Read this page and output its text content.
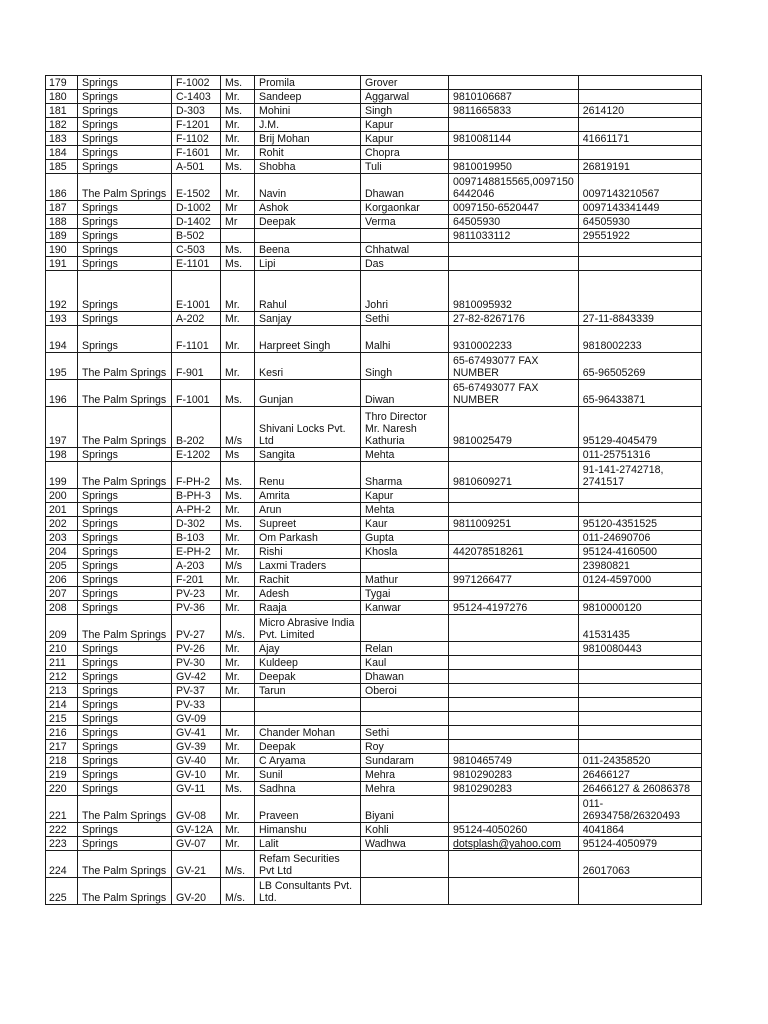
179	Springs	F-1002	Ms.	Promila	Grover		
180	Springs	C-1403	Mr.	Sandeep	Aggarwal	9810106687	
181	Springs	D-303	Ms.	Mohini	Singh	9811665833	2614120
182	Springs	F-1201	Mr.	J.M.	Kapur		
183	Springs	F-1102	Mr.	Brij Mohan	Kapur	9810081144	41661171
184	Springs	F-1601	Mr.	Rohit	Chopra		
185	Springs	A-501	Ms.	Shobha	Tuli	9810019950	26819191
186	The Palm Springs	E-1502	Mr.	Navin	Dhawan	0097148815565,0097150 6442046	0097143210567
187	Springs	D-1002	Mr	Ashok	Korgaonkar	0097150-6520447	0097143341449
188	Springs	D-1402	Mr	Deepak	Verma	64505930	64505930
189	Springs	B-502				9811033112	29551922
190	Springs	C-503	Ms.	Beena	Chhatwal		
191	Springs	E-1101	Ms.	Lipi	Das		
192	Springs	E-1001	Mr.	Rahul	Johri	9810095932	
193	Springs	A-202	Mr.	Sanjay	Sethi	27-82-8267176	27-11-8843339
194	Springs	F-1101	Mr.	Harpreet Singh	Malhi	9310002233	9818002233
195	The Palm Springs	F-901	Mr.	Kesri	Singh	65-67493077 FAX NUMBER	65-96505269
196	The Palm Springs	F-1001	Ms.	Gunjan	Diwan	65-67493077 FAX NUMBER	65-96433871
197	The Palm Springs	B-202	M/s	Shivani Locks Pvt. Ltd	Thro Director Mr. Naresh Kathuria	9810025479	95129-4045479
198	Springs	E-1202	Ms	Sangita	Mehta		011-25751316
199	The Palm Springs	F-PH-2	Ms.	Renu	Sharma	9810609271	91-141-2742718, 2741517
200	Springs	B-PH-3	Ms.	Amrita	Kapur		
201	Springs	A-PH-2	Mr.	Arun	Mehta		
202	Springs	D-302	Ms.	Supreet	Kaur	9811009251	95120-4351525
203	Springs	B-103	Mr.	Om Parkash	Gupta		011-24690706
204	Springs	E-PH-2	Mr.	Rishi	Khosla	442078518261	95124-4160500
205	Springs	A-203	M/s	Laxmi Traders			23980821
206	Springs	F-201	Mr.	Rachit	Mathur	9971266477	0124-4597000
207	Springs	PV-23	Mr.	Adesh	Tygai		
208	Springs	PV-36	Mr.	Raaja	Kanwar	95124-4197276	9810000120
209	The Palm Springs	PV-27	M/s.	Micro Abrasive India Pvt. Limited			41531435
210	Springs	PV-26	Mr.	Ajay	Relan		9810080443
211	Springs	PV-30	Mr.	Kuldeep	Kaul		
212	Springs	GV-42	Mr.	Deepak	Dhawan		
213	Springs	PV-37	Mr.	Tarun	Oberoi		
214	Springs	PV-33					
215	Springs	GV-09					
216	Springs	GV-41	Mr.	Chander Mohan	Sethi		
217	Springs	GV-39	Mr.	Deepak	Roy		
218	Springs	GV-40	Mr.	C Aryama	Sundaram	9810465749	011-24358520
219	Springs	GV-10	Mr.	Sunil	Mehra	9810290283	26466127
220	Springs	GV-11	Ms.	Sadhna	Mehra	9810290283	26466127 & 26086378
221	The Palm Springs	GV-08	Mr.	Praveen	Biyani		011- 26934758/26320493
222	Springs	GV-12A	Mr.	Himanshu	Kohli	95124-4050260	4041864
223	Springs	GV-07	Mr.	Lalit	Wadhwa	dotsplash@yahoo.com	95124-4050979
224	The Palm Springs	GV-21	M/s.	Refam Securities Pvt Ltd			26017063
225	The Palm Springs	GV-20	M/s.	LB Consultants Pvt. Ltd.			
